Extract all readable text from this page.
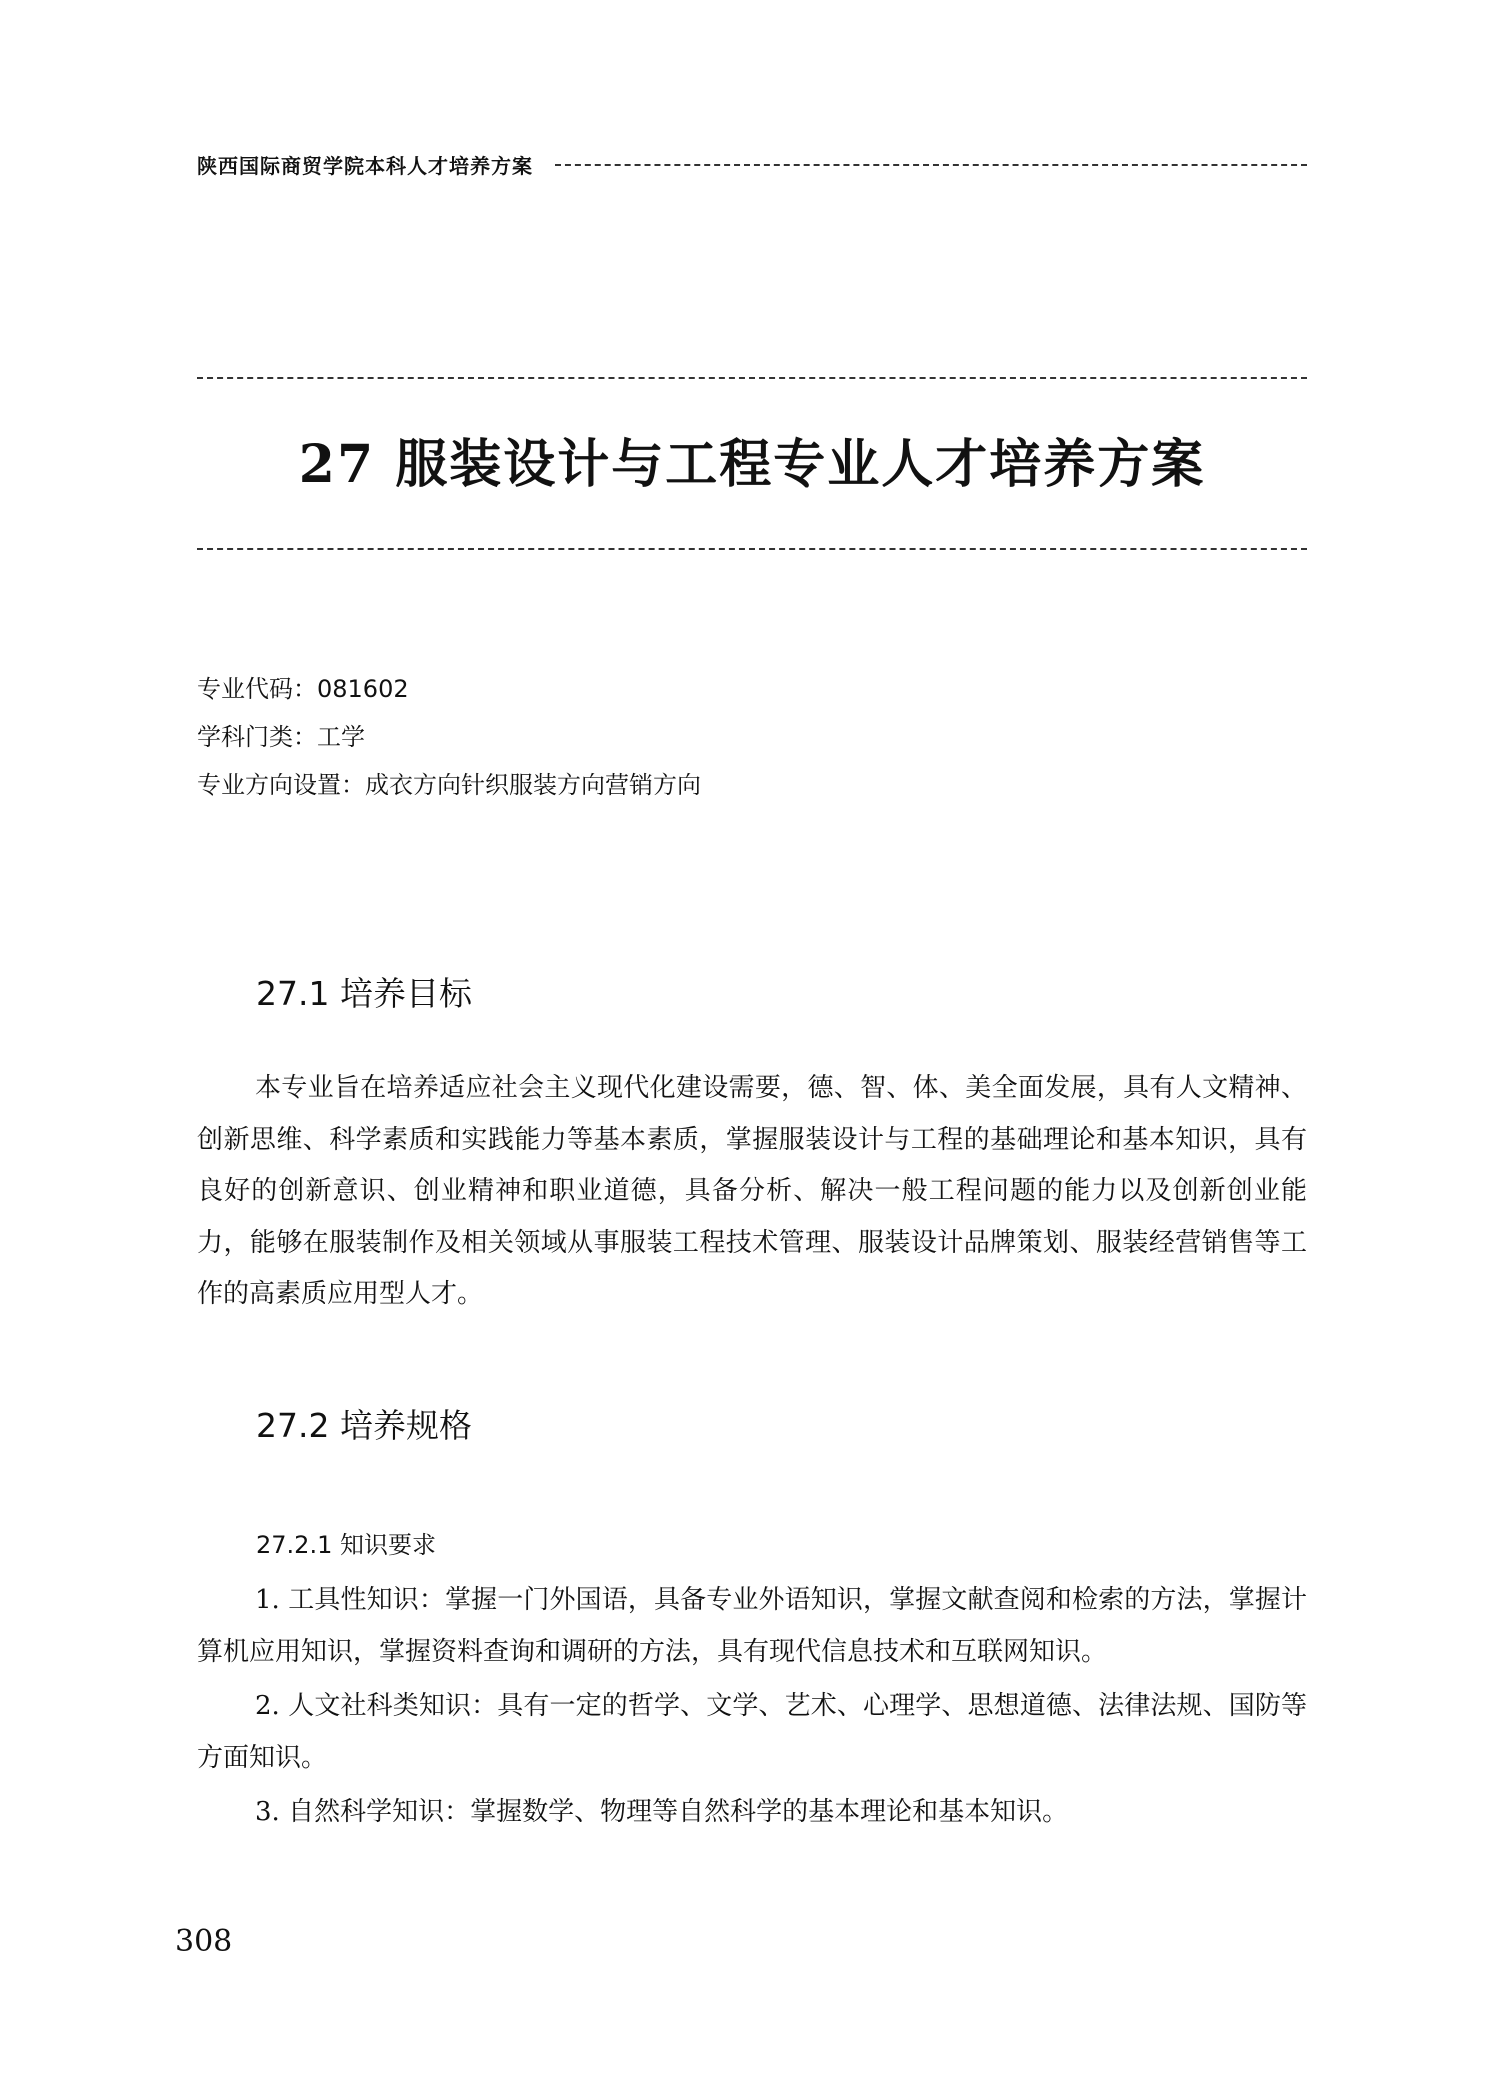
陕西国际商贸学院本科人才培养方案
27 服装设计与工程专业人才培养方案
专业代码：081602
学科门类：工学
专业方向设置：成衣方向针织服装方向营销方向
27.1 培养目标

本专业旨在培养适应社会主义现代化建设需要，德、智、体、美全面发展，具有人文精神、创新思维、科学素质和实践能力等基本素质，掌握服装设计与工程的基础理论和基本知识，具有良好的创新意识、创业精神和职业道德，具备分析、解决一般工程问题的能力以及创新创业能力，能够在服装制作及相关领域从事服装工程技术管理、服装设计品牌策划、服装经营销售等工作的高素质应用型人才。

27.2 培养规格
27.2.1 知识要求

1. 工具性知识：掌握一门外国语，具备专业外语知识，掌握文献查阅和检索的方法，掌握计算机应用知识，掌握资料查询和调研的方法，具有现代信息技术和互联网知识。

2. 人文社科类知识：具有一定的哲学、文学、艺术、心理学、思想道德、法律法规、国防等方面知识。

3. 自然科学知识：掌握数学、物理等自然科学的基本理论和基本知识。

308
